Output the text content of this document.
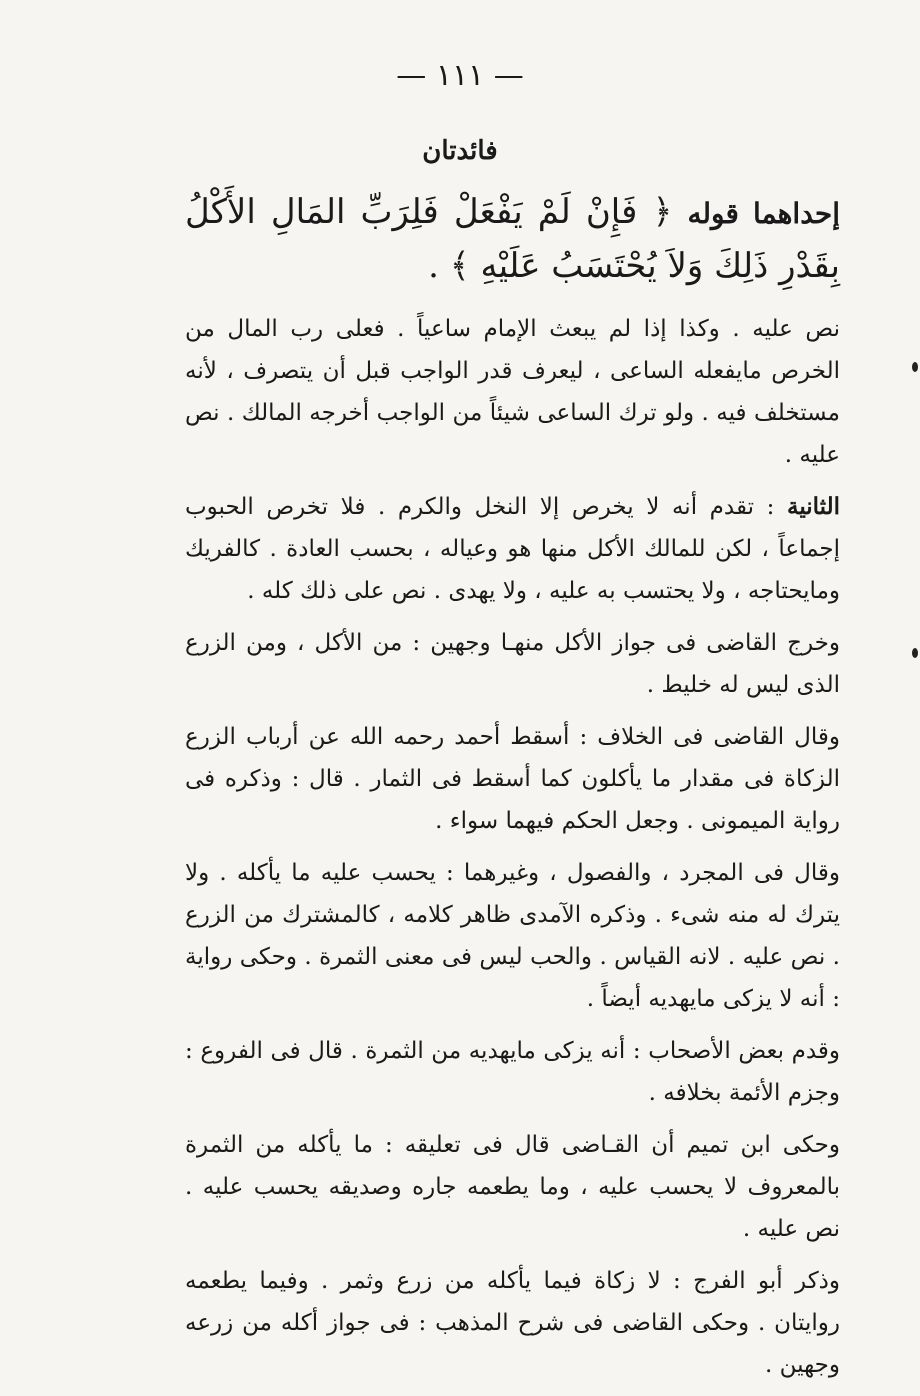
— ١١١ —
فائدتان

إحداهما قوله ﴿ فَإِنْ لَمْ يَفْعَلْ فَلِرَبِّ المَالِ الأَكْلُ بِقَدْرِ ذَلِكَ وَلاَ يُحْتَسَبُ عَلَيْهِ ﴾ .

نص عليه . وكذا إذا لم يبعث الإمام ساعياً . فعلى رب المال من الخرص مايفعله الساعى ، ليعرف قدر الواجب قبل أن يتصرف ، لأنه مستخلف فيه . ولو ترك الساعى شيئاً من الواجب أخرجه المالك . نص عليه .

الثانية : تقدم أنه لا يخرص إلا النخل والكرم . فلا تخرص الحبوب إجماعاً ، لكن للمالك الأكل منها هو وعياله ، بحسب العادة . كالفريك ومايحتاجه ، ولا يحتسب به عليه ، ولا يهدى . نص على ذلك كله .

وخرج القاضى فى جواز الأكل منهـا وجهين : من الأكل ، ومن الزرع الذى ليس له خليط .

وقال القاضى فى الخلاف : أسقط أحمد رحمه الله عن أرباب الزرع الزكاة فى مقدار ما يأكلون كما أسقط فى الثمار . قال : وذكره فى رواية الميمونى . وجعل الحكم فيهما سواء .

وقال فى المجرد ، والفصول ، وغيرهما : يحسب عليه ما يأكله . ولا يترك له منه شىء . وذكره الآمدى ظاهر كلامه ، كالمشترك من الزرع . نص عليه . لانه القياس . والحب ليس فى معنى الثمرة . وحكى رواية : أنه لا يزكى مايهديه أيضاً .

وقدم بعض الأصحاب : أنه يزكى مايهديه من الثمرة . قال فى الفروع : وجزم الأئمة بخلافه .

وحكى ابن تميم أن القـاضى قال فى تعليقه : ما يأكله من الثمرة بالمعروف لا يحسب عليه ، وما يطعمه جاره وصديقه يحسب عليه . نص عليه .

وذكر أبو الفرج : لا زكاة فيما يأكله من زرع وثمر . وفيما يطعمه روايتان . وحكى القاضى فى شرح المذهب : فى جواز أكله من زرعه وجهين .
